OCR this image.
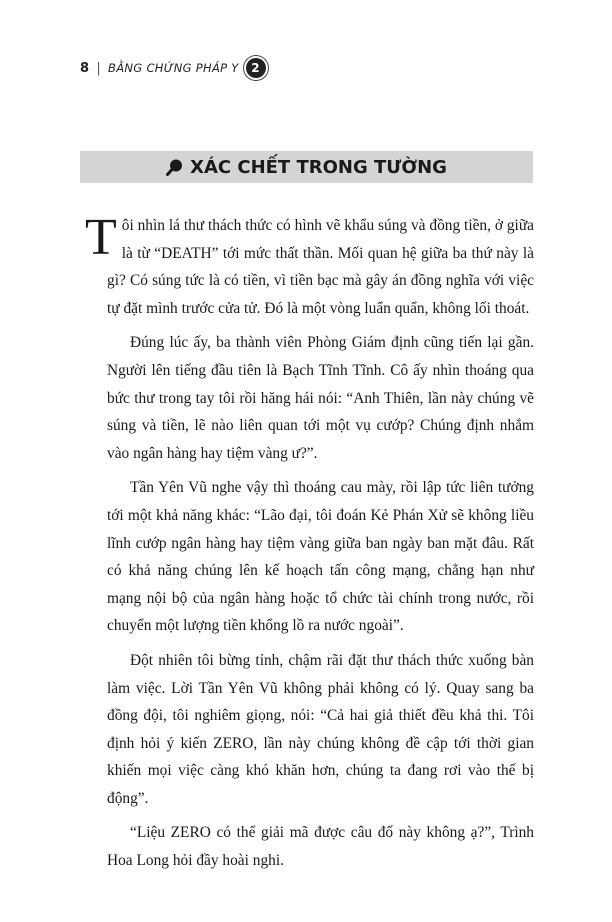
8 | BẰNG CHỨNG PHÁP Y	2
XÁC CHẾT TRONG TƯỜNG

Tôi nhìn lá thư thách thức có hình vẽ khẩu súng và đồng tiền, ở giữa là từ “DEATH” tới mức thất thần. Mối quan hệ giữa ba thứ này là gì? Có súng tức là có tiền, vì tiền bạc mà gây án đồng nghĩa với việc tự đặt mình trước cửa tử. Đó là một vòng luẩn quẩn, không lối thoát.

Đúng lúc ấy, ba thành viên Phòng Giám định cũng tiến lại gần. Người lên tiếng đầu tiên là Bạch Tĩnh Tĩnh. Cô ấy nhìn thoáng qua bức thư trong tay tôi rồi hăng hái nói: “Anh Thiên, lần này chúng vẽ súng và tiền, lẽ nào liên quan tới một vụ cướp? Chúng định nhắm vào ngân hàng hay tiệm vàng ư?”.

Tần Yên Vũ nghe vậy thì thoáng cau mày, rồi lập tức liên tưởng tới một khả năng khác: “Lão đại, tôi đoán Kẻ Phán Xử sẽ không liều lĩnh cướp ngân hàng hay tiệm vàng giữa ban ngày ban mặt đâu. Rất có khả năng chúng lên kế hoạch tấn công mạng, chẳng hạn như mạng nội bộ của ngân hàng hoặc tổ chức tài chính trong nước, rồi chuyển một lượng tiền khổng lồ ra nước ngoài”.

Đột nhiên tôi bừng tỉnh, chậm rãi đặt thư thách thức xuống bàn làm việc. Lời Tần Yên Vũ không phải không có lý. Quay sang ba đồng đội, tôi nghiêm giọng, nói: “Cả hai giả thiết đều khả thi. Tôi định hỏi ý kiến ZERO, lần này chúng không đề cập tới thời gian khiến mọi việc càng khó khăn hơn, chúng ta đang rơi vào thế bị động”.

“Liệu ZERO có thể giải mã được câu đố này không ạ?”, Trình Hoa Long hỏi đầy hoài nghi.
